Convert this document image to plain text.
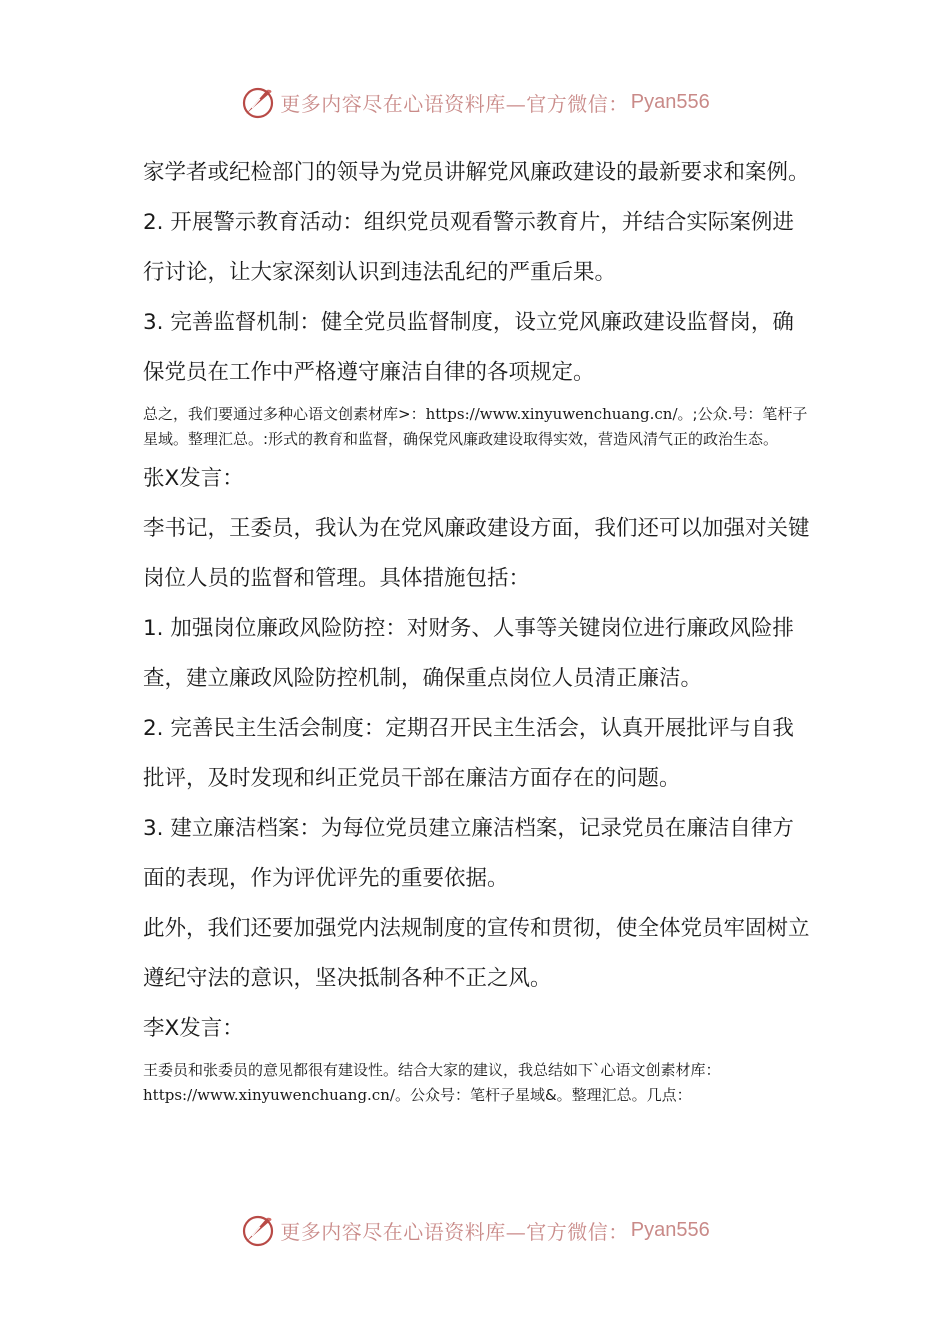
更多内容尽在心语资料库—官方微信： Pyan556

家学者或纪检部门的领导为党员讲解党风廉政建设的最新要求和案例。

2. 开展警示教育活动：组织党员观看警示教育片，并结合实际案例进行讨论，让大家深刻认识到违法乱纪的严重后果。

3. 完善监督机制：健全党员监督制度，设立党风廉政建设监督岗，确保党员在工作中严格遵守廉洁自律的各项规定。

总之，我们要通过多种心语文创素材库>：https://www.xinyuwenchuang.cn/。;公众.号：笔杆子星域。整理汇总。:形式的教育和监督，确保党风廉政建设取得实效，营造风清气正的政治生态。

张X发言：

李书记，王委员，我认为在党风廉政建设方面，我们还可以加强对关键岗位人员的监督和管理。具体措施包括：

1. 加强岗位廉政风险防控：对财务、人事等关键岗位进行廉政风险排查，建立廉政风险防控机制，确保重点岗位人员清正廉洁。

2. 完善民主生活会制度：定期召开民主生活会，认真开展批评与自我批评，及时发现和纠正党员干部在廉洁方面存在的问题。

3. 建立廉洁档案：为每位党员建立廉洁档案，记录党员在廉洁自律方面的表现，作为评优评先的重要依据。

此外，我们还要加强党内法规制度的宣传和贯彻，使全体党员牢固树立遵纪守法的意识，坚决抵制各种不正之风。

李X发言：

王委员和张委员的意见都很有建设性。结合大家的建议，我总结如下`心语文创素材库：https://www.xinyuwenchuang.cn/。公众号：笔杆子星域&。整理汇总。几点：

更多内容尽在心语资料库—官方微信： Pyan556
